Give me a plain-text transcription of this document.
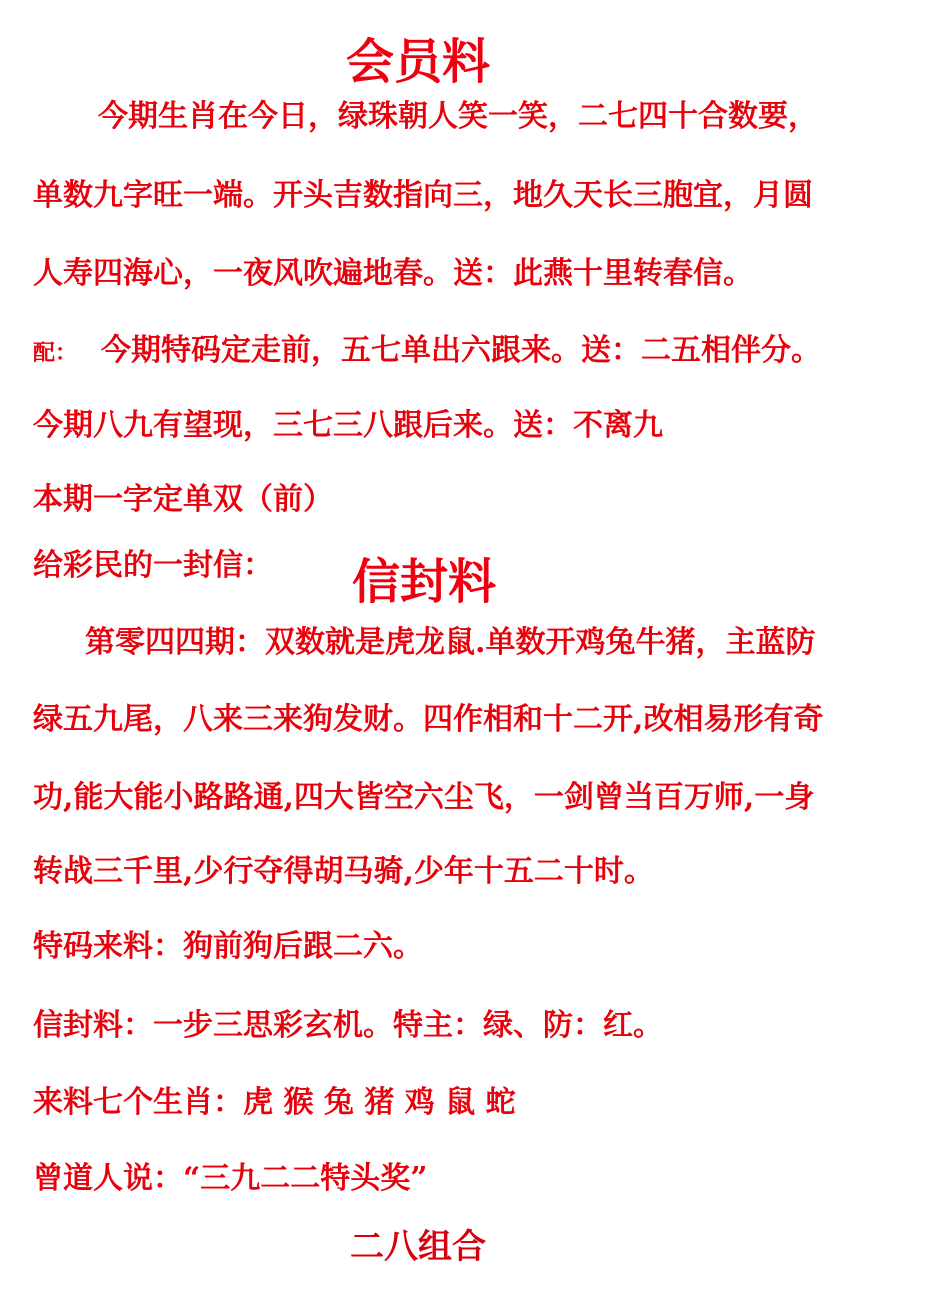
会员料
今期生肖在今日，绿珠朝人笑一笑，二七四十合数要，
单数九字旺一端。开头吉数指向三，地久天长三胞宜，月圆
人寿四海心，一夜风吹遍地春。送：此燕十里转春信。
配： 今期特码定走前，五七单出六跟来。送：二五相伴分。
今期八九有望现，三七三八跟后来。送：不离九
本期一字定单双（前）
给彩民的一封信： 信封料
第零四四期：双数就是虎龙鼠.单数开鸡兔牛猪，主蓝防
绿五九尾，八来三来狗发财。四作相和十二开,改相易形有奇
功,能大能小路路通,四大皆空六尘飞，一剑曾当百万师,一身
转战三千里,少行夺得胡马骑,少年十五二十时。
特码来料：狗前狗后跟二六。
信封料：一步三思彩玄机。特主：绿、防：红。
来料七个生肖：虎 猴 兔 猪 鸡 鼠 蛇
曾道人说：“三九二二特头奖”
二八组合
